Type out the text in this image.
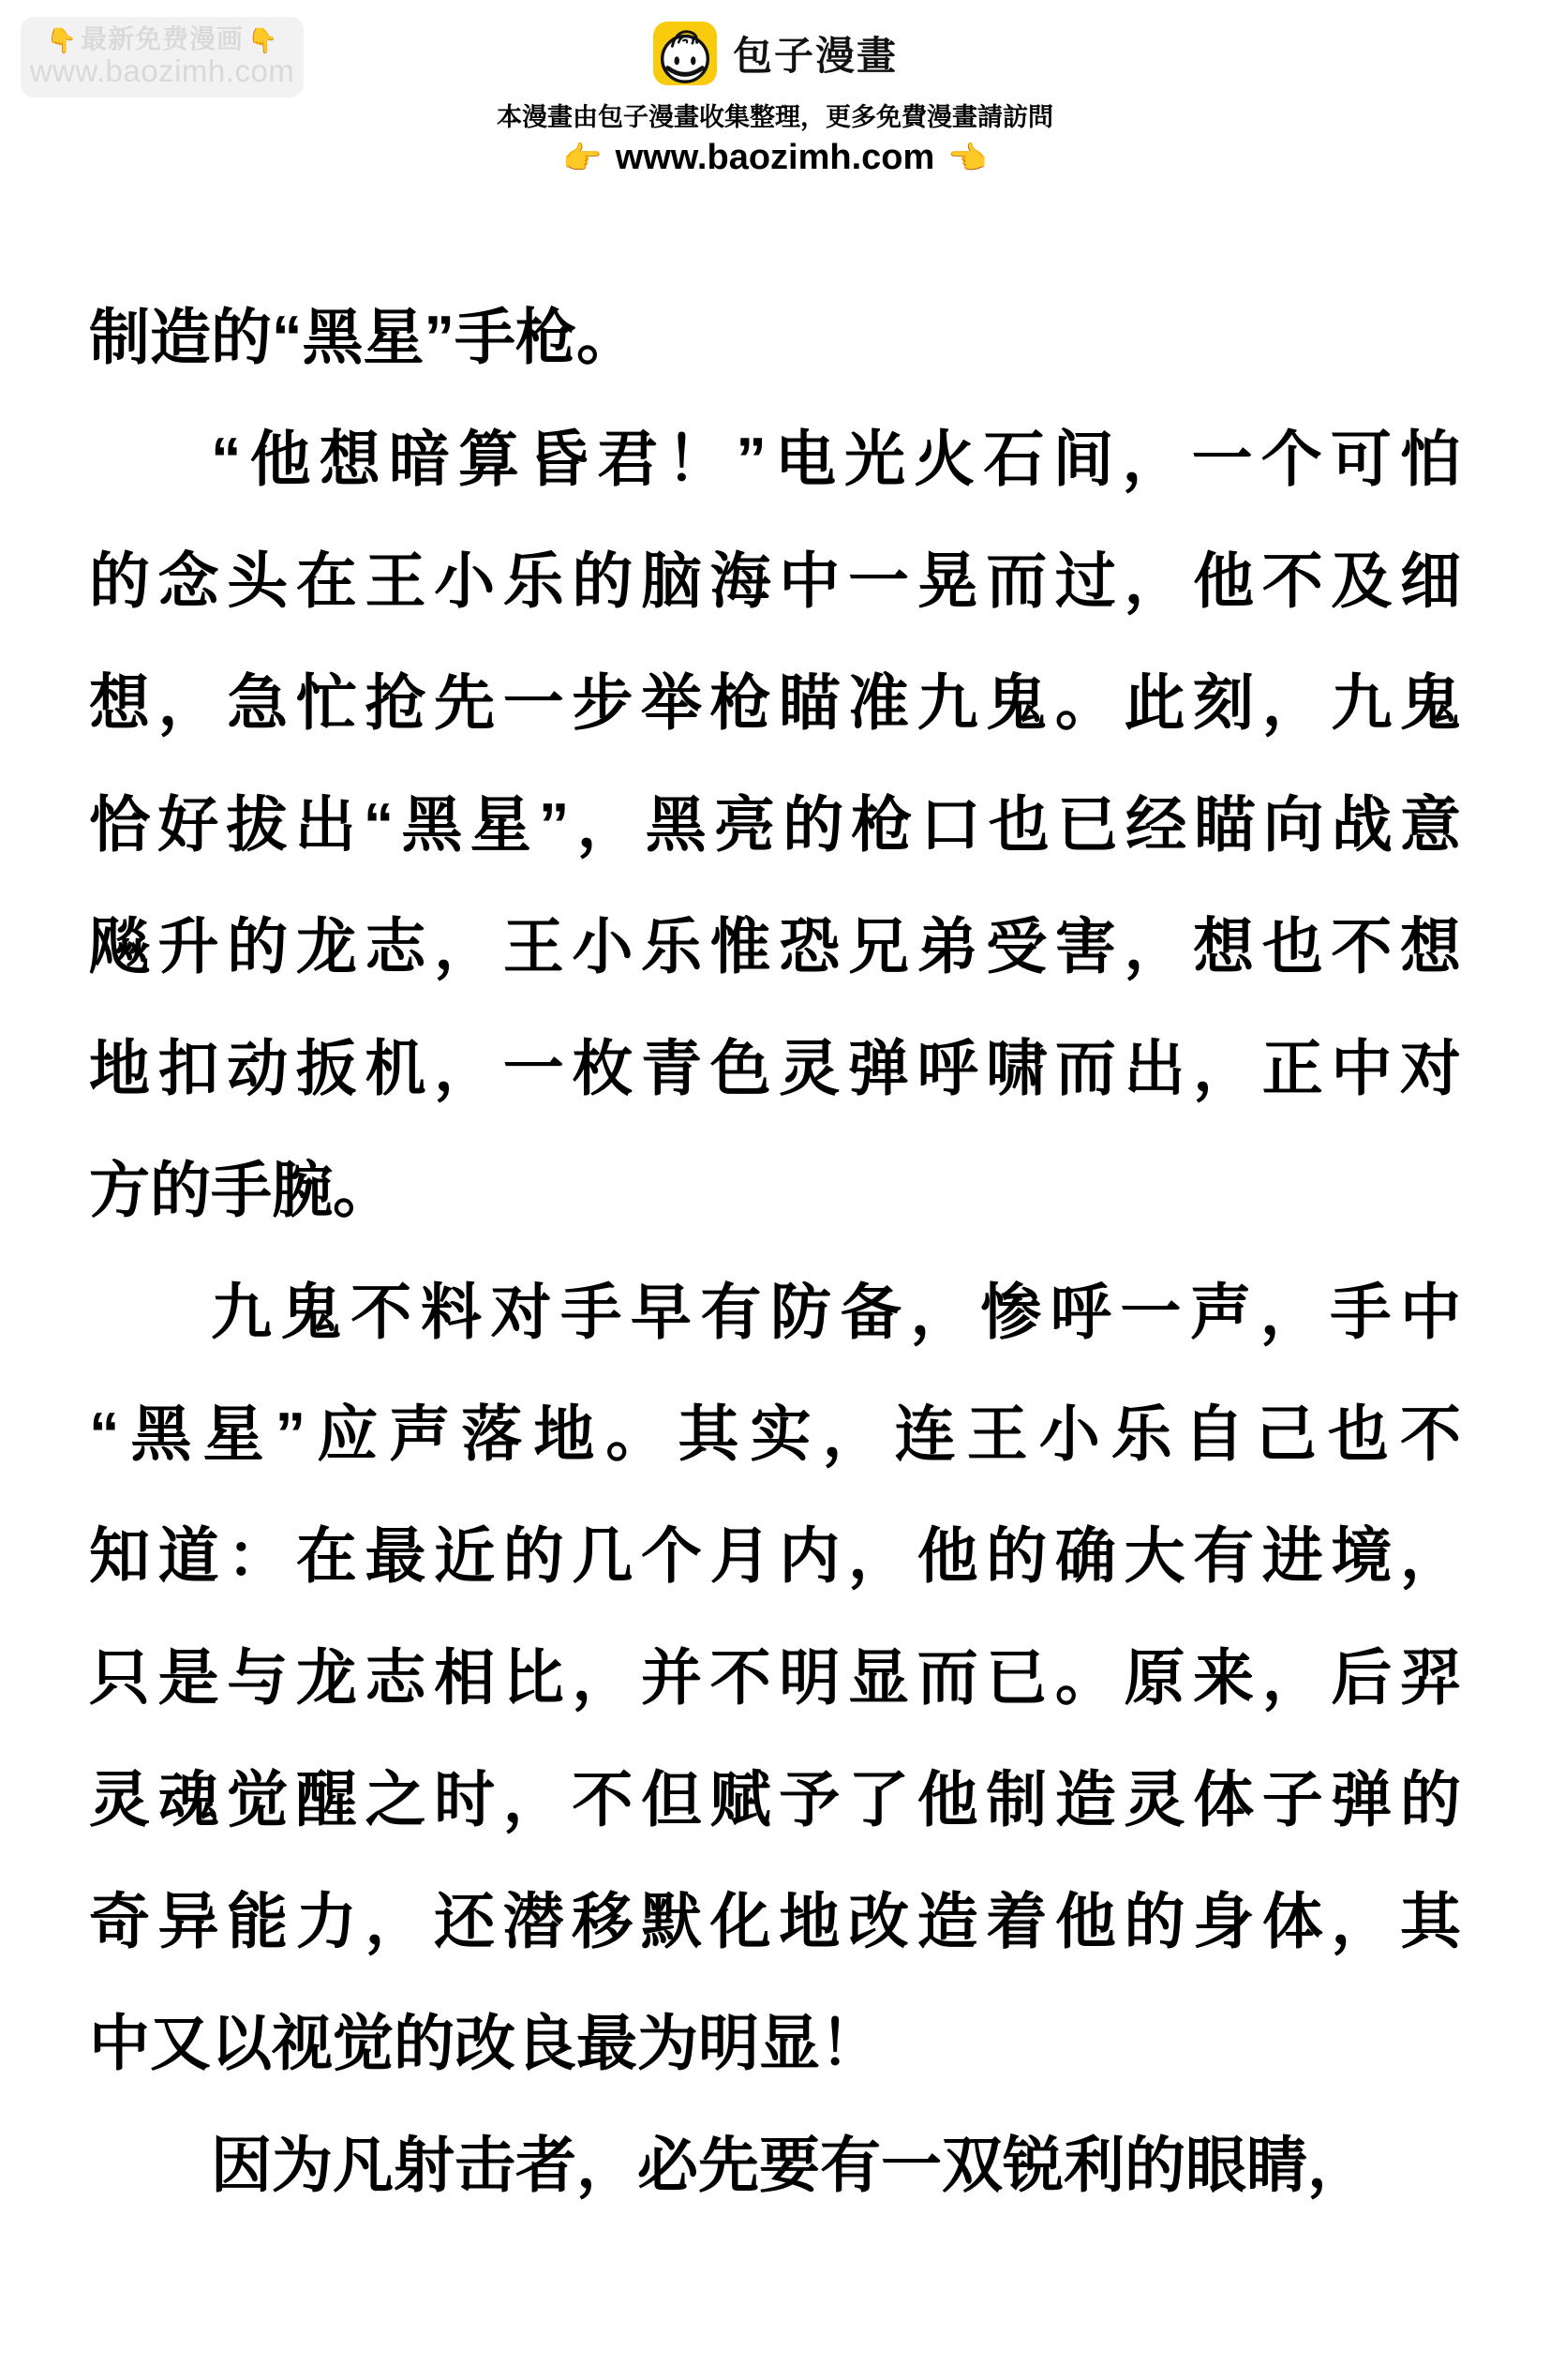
👇 最新免费漫画 👇
www.baozimh.com	包子漫畫
本漫畫由包子漫畫收集整理，更多免費漫畫請訪問
👉 www.baozimh.com 👈
制造的“黑星”手枪。
“他想暗算昏君！”电光火石间，一个可怕
的念头在王小乐的脑海中一晃而过，他不及细
想，急忙抢先一步举枪瞄准九鬼。此刻，九鬼
恰好拔出“黑星”，黑亮的枪口也已经瞄向战意
飚升的龙志，王小乐惟恐兄弟受害，想也不想
地扣动扳机，一枚青色灵弹呼啸而出，正中对
方的手腕。
九鬼不料对手早有防备，惨呼一声，手中
“黑星”应声落地。其实，连王小乐自己也不
知道：在最近的几个月内，他的确大有进境，
只是与龙志相比，并不明显而已。原来，后羿
灵魂觉醒之时，不但赋予了他制造灵体子弹的
奇异能力，还潜移默化地改造着他的身体，其
中又以视觉的改良最为明显！
因为凡射击者，必先要有一双锐利的眼睛，
